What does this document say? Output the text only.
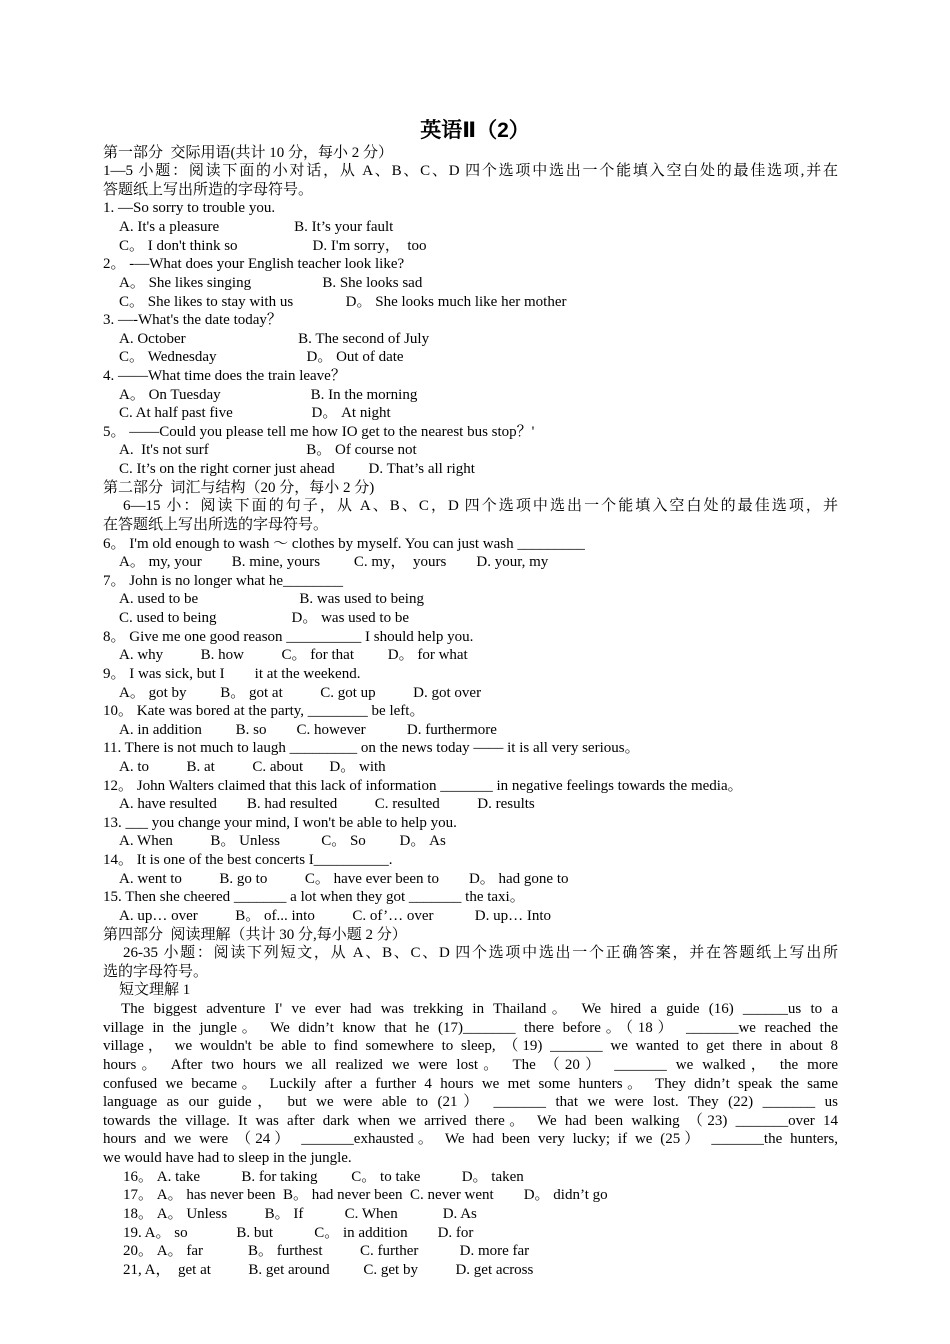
英语Ⅱ（2）
第一部分  交际用语(共计 10 分，每小 2 分）
1—5 小题：阅读下面的小对话，从 A、B、C、D 四个选项中选出一个能填入空白处的最佳选项,并在
答题纸上写出所造的字母符号。
1. —So sorry to trouble you.
A. It's a pleasure                    B. It’s your fault
C。 I don't think so                    D. I'm sorry，  too
2。 -—What does your English teacher look like?
A。 She likes singing                   B. She looks sad
C。 She likes to stay with us              D。 She looks much like her mother
3. —-What's the date today？
A. October                              B. The second of July
C。 Wednesday                        D。 Out of date
4. ——What time does the train leave？
A。 On Tuesday                        B. In the morning
C. At half past five                     D。 At night
5。 ——Could you please tell me how IO get to the nearest bus stop？'
A.  It's not surf                          B。 Of course not
C. It’s on the right corner just ahead         D. That’s all right
第二部分  词汇与结构（20 分，每小 2 分)
6—15 小：阅读下面的句子，从 A、B、C，D 四个选项中选出一个能填入空白处的最佳选项，并
在答题纸上写出所选的字母符号。
6。 I'm old enough to wash ～ clothes by myself. You can just wash _________
A。 my, your        B. mine, yours         C. my，  yours        D. your, my
7。 John is no longer what he________
A. used to be                           B. was used to being
C. used to being                    D。 was used to be
8。 Give me one good reason __________ I should help you.
A. why          B. how          C。 for that         D。 for what
9。 I was sick, but I        it at the weekend.
A。 got by         B。 got at          C. got up          D. got over
10。 Kate was bored at the party, ________ be left。
A. in addition         B. so        C. however           D. furthermore
11. There is not much to laugh _________ on the news today —— it is all very serious。
A. to          B. at          C. about       D。 with
12。 John Walters claimed that this lack of information _______ in negative feelings towards the media。
A. have resulted        B. had resulted          C. resulted          D. results
13. ___ you change your mind, I won't be able to help you.
A. When          B。 Unless           C。 So         D。 As
14。 It is one of the best concerts I__________.
A. went to          B. go to          C。 have ever been to        D。 had gone to
15. Then she cheered _______ a lot when they got _______ the taxi。
A. up… over          B。 of... into          C. of’… over           D. up… Into
第四部分  阅读理解（共计 30 分,每小题 2 分）
26-35 小题：阅读下列短文，从 A、B、C、D 四个选项中选出一个正确答案，并在答题纸上写出所
选的字母符号。
短文理解 1
The biggest adventure I' ve ever had was trekking in Thailand。 We hired a guide (16) ______us to a
village in the jungle。 We didn’t know that he (17)_______ there before。（18） _______we reached the
village， we wouldn't be able to find somewhere to sleep, （19) _______ we wanted to get there in about 8
hours。 After two hours we all realized we were lost。 The （20） _______ we walked， the more
confused we became。 Luckily after a further 4 hours we met some hunters。 They didn’t speak the same
language as our guide， but we were able to (21） _______ that we were lost. They (22) _______ us
towards the village. It was after dark when we arrived there。 We had been walking （23) _______over 14
hours and we were （24） _______exhausted。 We had been very lucky; if we (25） _______the hunters,
we would have had to sleep in the jungle.
16。 A. take           B. for taking         C。 to take           D。 taken
17。 A。 has never been  B。 had never been  C. never went        D。 didn’t go
18。 A。 Unless          B。 If           C. When            D. As
19. A。 so             B. but           C。 in addition        D. for
20。 A。 far            B。 furthest          C. further           D. more far
21, A，  get at          B. get around         C. get by          D. get across
